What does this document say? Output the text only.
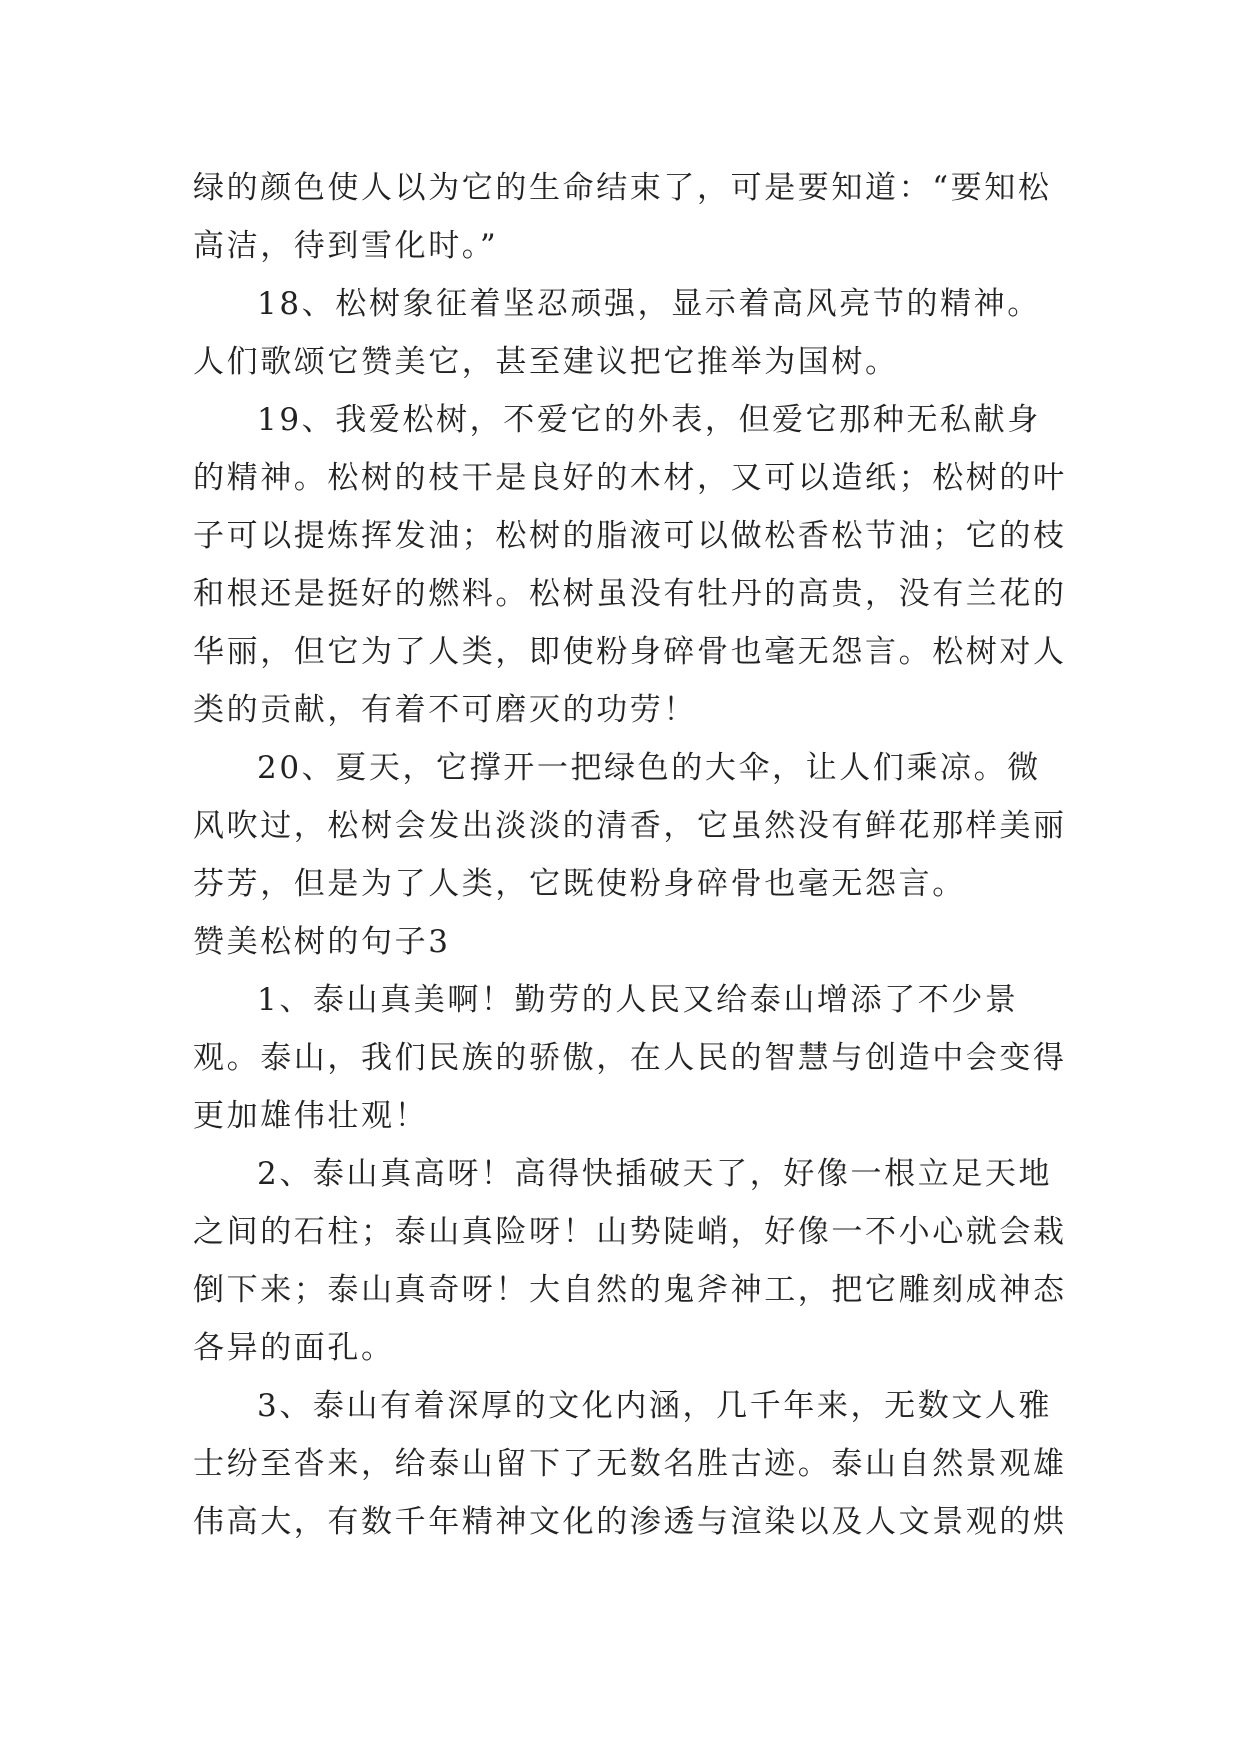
绿的颜色使人以为它的生命结束了，可是要知道：“要知松高洁，待到雪化时。”

18、松树象征着坚忍顽强，显示着高风亮节的精神。人们歌颂它赞美它，甚至建议把它推举为国树。

19、我爱松树，不爱它的外表，但爱它那种无私献身的精神。松树的枝干是良好的木材，又可以造纸；松树的叶子可以提炼挥发油；松树的脂液可以做松香松节油；它的枝和根还是挺好的燃料。松树虽没有牡丹的高贵，没有兰花的华丽，但它为了人类，即使粉身碎骨也毫无怨言。松树对人类的贡献，有着不可磨灭的功劳！

20、夏天，它撑开一把绿色的大伞，让人们乘凉。微风吹过，松树会发出淡淡的清香，它虽然没有鲜花那样美丽芬芳，但是为了人类，它既使粉身碎骨也毫无怨言。

赞美松树的句子3

1、泰山真美啊！勤劳的人民又给泰山增添了不少景观。泰山，我们民族的骄傲，在人民的智慧与创造中会变得更加雄伟壮观！

2、泰山真高呀！高得快插破天了，好像一根立足天地之间的石柱；泰山真险呀！山势陡峭，好像一不小心就会栽倒下来；泰山真奇呀！大自然的鬼斧神工，把它雕刻成神态各异的面孔。

3、泰山有着深厚的文化内涵，几千年来，无数文人雅士纷至沓来，给泰山留下了无数名胜古迹。泰山自然景观雄伟高大，有数千年精神文化的渗透与渲染以及人文景观的烘
